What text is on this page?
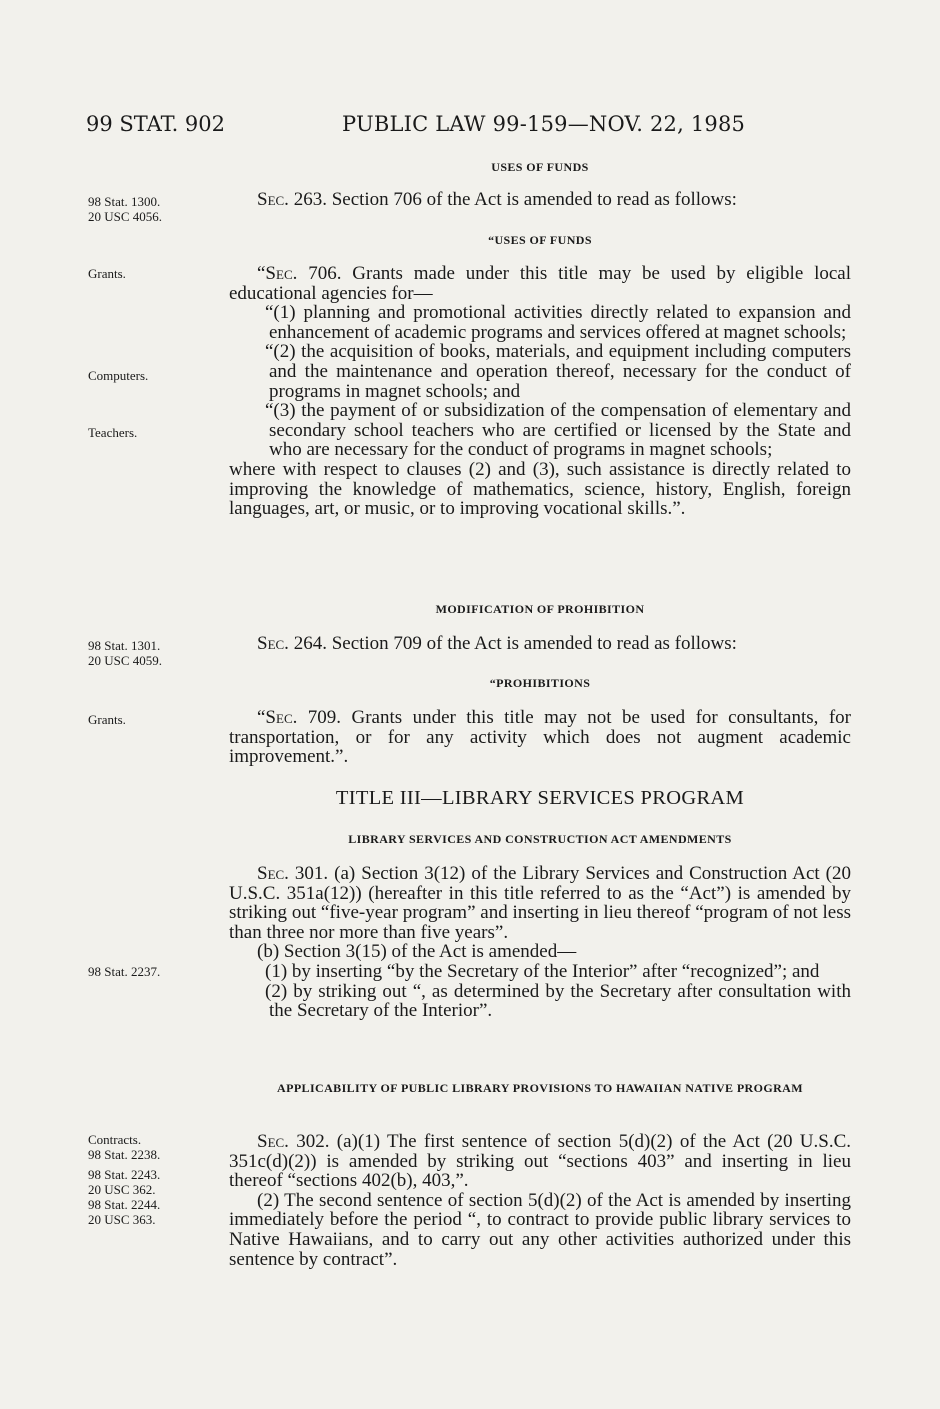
99 STAT. 902	PUBLIC LAW 99-159—NOV. 22, 1985
98 Stat. 1300.
20 USC 4056.
Grants.
Computers.
Teachers.
98 Stat. 1301.
20 USC 4059.
Grants.
98 Stat. 2237.
Contracts.
98 Stat. 2238.
98 Stat. 2243.
20 USC 362.
98 Stat. 2244.
20 USC 363.
USES OF FUNDS

Sec. 263. Section 706 of the Act is amended to read as follows:

“USES OF FUNDS

“Sec. 706. Grants made under this title may be used by eligible local educational agencies for—

“(1) planning and promotional activities directly related to expansion and enhancement of academic programs and services offered at magnet schools;

“(2) the acquisition of books, materials, and equipment including computers and the maintenance and operation thereof, necessary for the conduct of programs in magnet schools; and

“(3) the payment of or subsidization of the compensation of elementary and secondary school teachers who are certified or licensed by the State and who are necessary for the conduct of programs in magnet schools;

where with respect to clauses (2) and (3), such assistance is directly related to improving the knowledge of mathematics, science, history, English, foreign languages, art, or music, or to improving vocational skills.”.

MODIFICATION OF PROHIBITION

Sec. 264. Section 709 of the Act is amended to read as follows:

“PROHIBITIONS

“Sec. 709. Grants under this title may not be used for consultants, for transportation, or for any activity which does not augment academic improvement.”.

TITLE III—LIBRARY SERVICES PROGRAM
LIBRARY SERVICES AND CONSTRUCTION ACT AMENDMENTS

Sec. 301. (a) Section 3(12) of the Library Services and Construction Act (20 U.S.C. 351a(12)) (hereafter in this title referred to as the “Act”) is amended by striking out “five-year program” and inserting in lieu thereof “program of not less than three nor more than five years”.

(b) Section 3(15) of the Act is amended—

(1) by inserting “by the Secretary of the Interior” after “recognized”; and

(2) by striking out “, as determined by the Secretary after consultation with the Secretary of the Interior”.

APPLICABILITY OF PUBLIC LIBRARY PROVISIONS TO HAWAIIAN NATIVE PROGRAM

Sec. 302. (a)(1) The first sentence of section 5(d)(2) of the Act (20 U.S.C. 351c(d)(2)) is amended by striking out “sections 403” and inserting in lieu thereof “sections 402(b), 403,”.

(2) The second sentence of section 5(d)(2) of the Act is amended by inserting immediately before the period “, to contract to provide public library services to Native Hawaiians, and to carry out any other activities authorized under this sentence by contract”.
